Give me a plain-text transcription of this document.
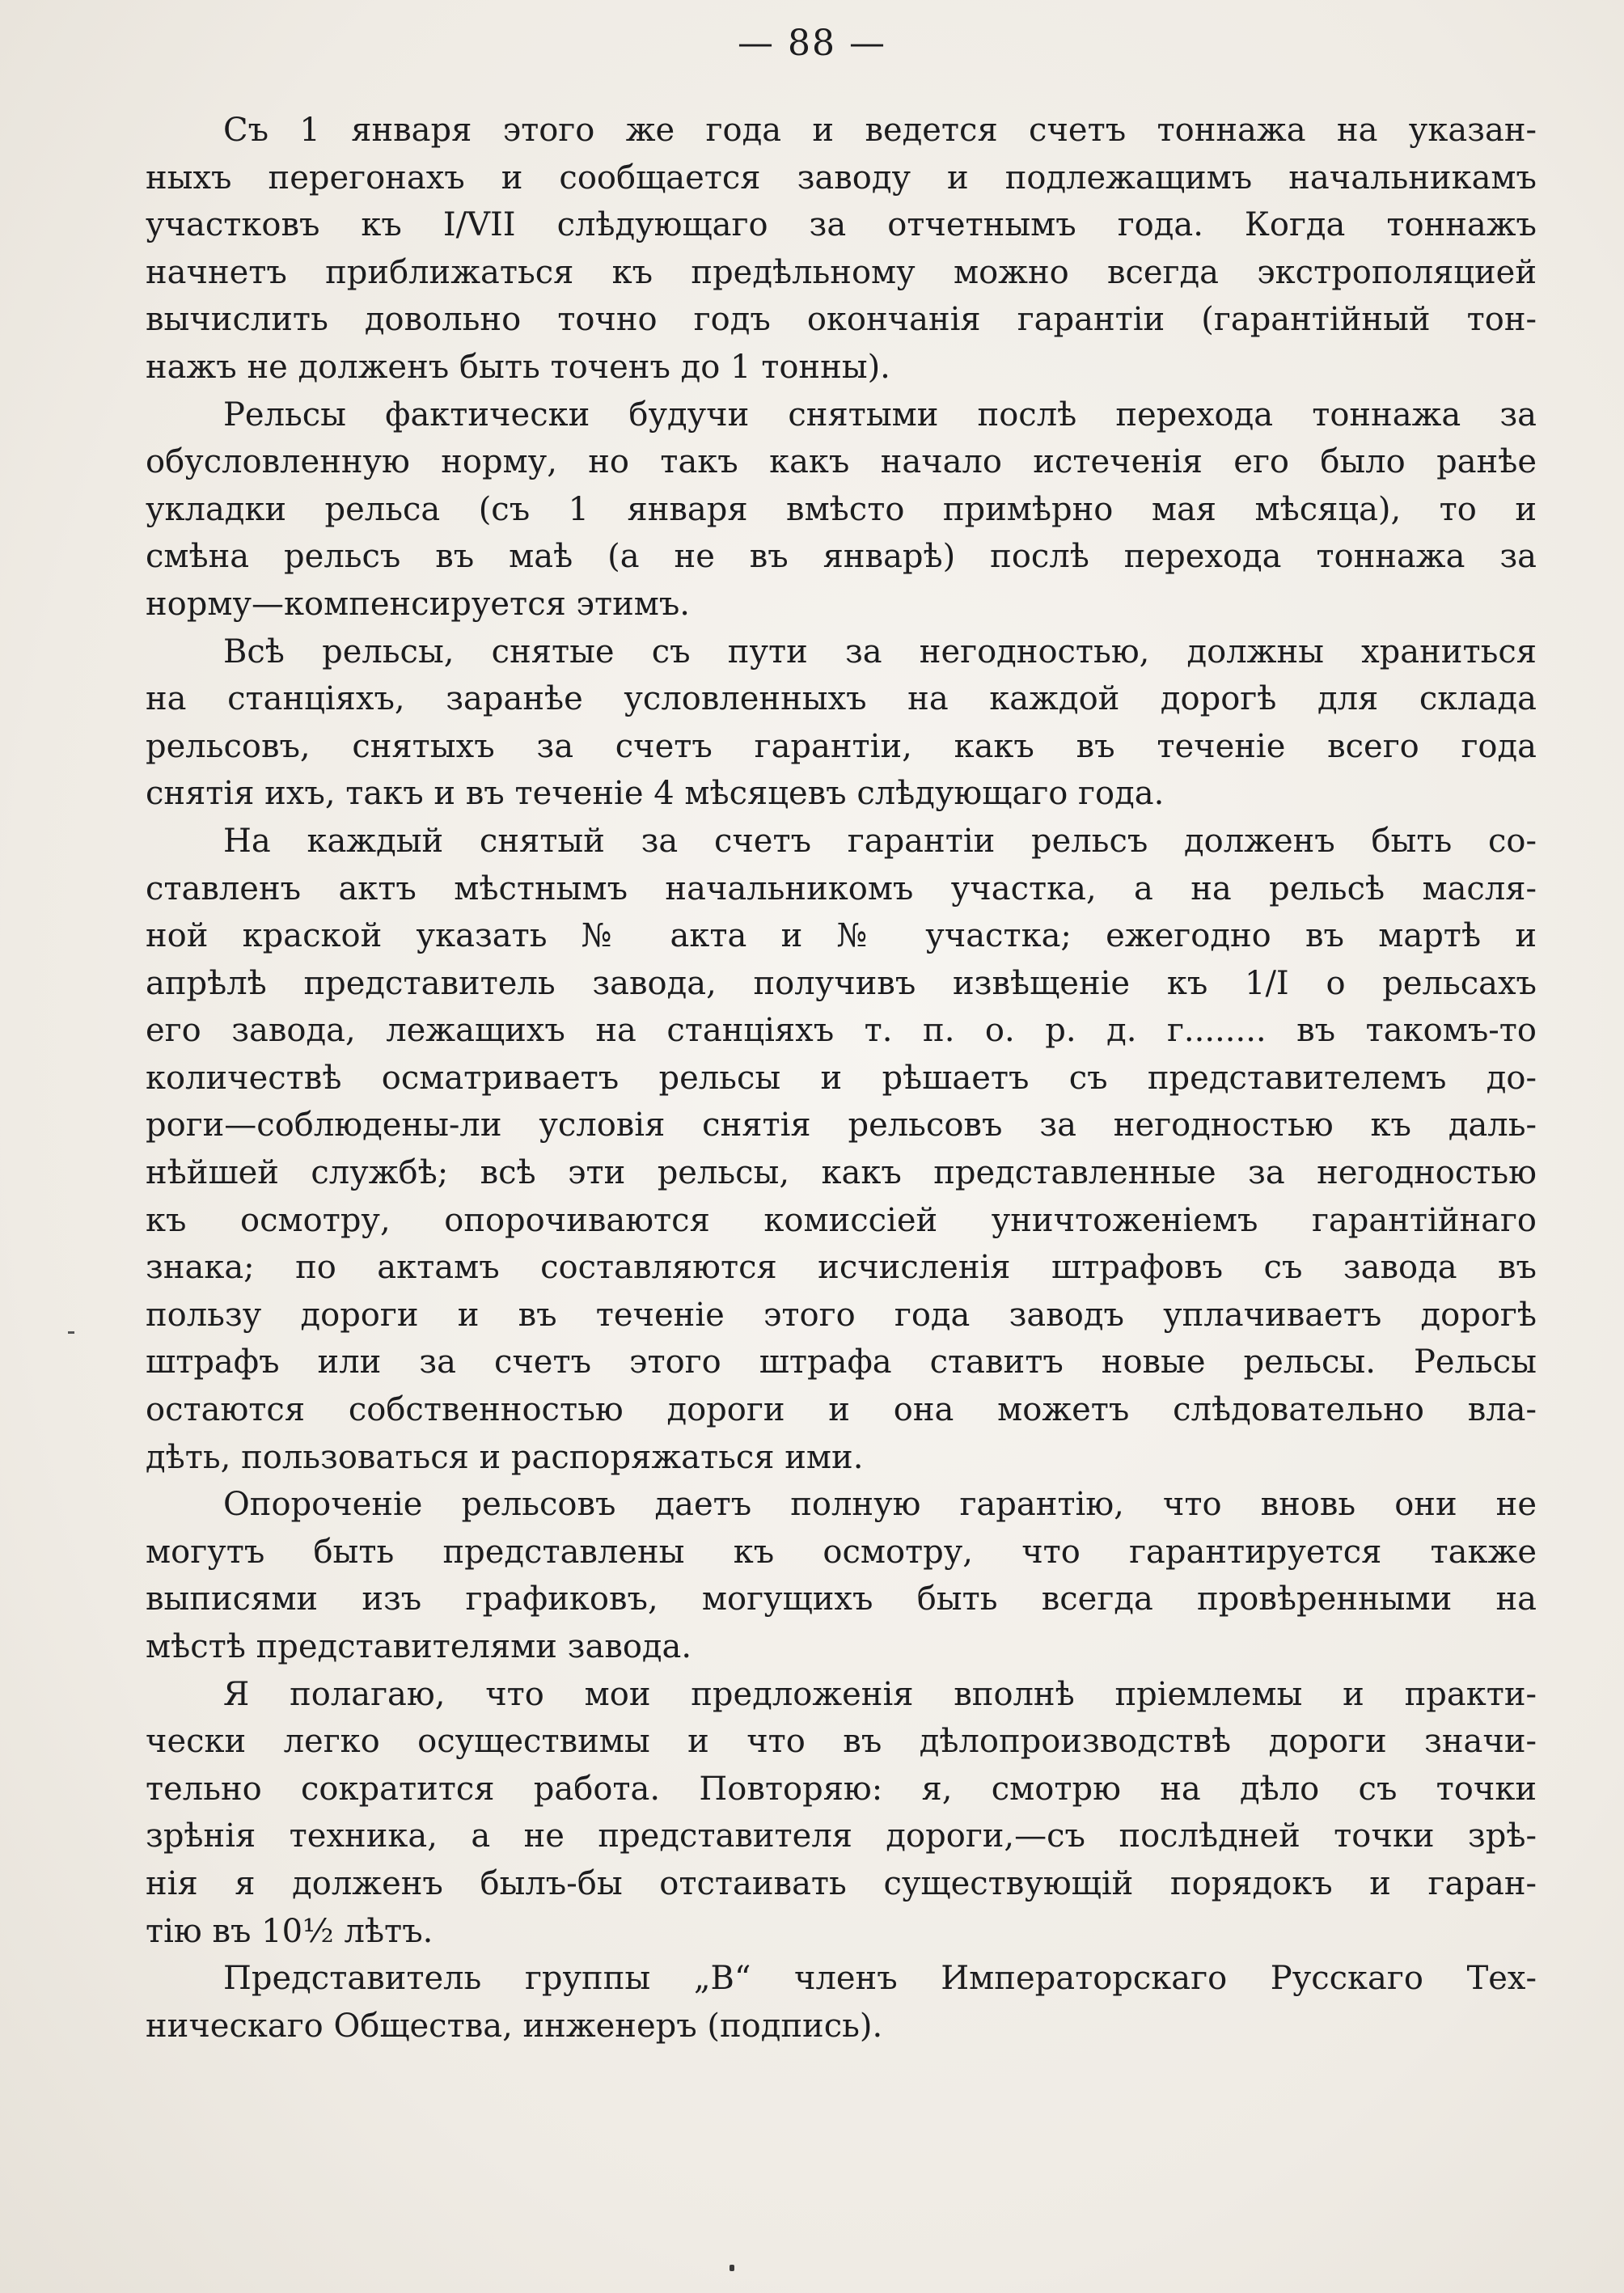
— 88 —

Съ 1 января этого же года и ведется счетъ тоннажа на указан-
ныхъ перегонахъ и сообщается заводу и подлежащимъ начальникамъ
участковъ къ I/VII слѣдующаго за отчетнымъ года. Когда тоннажъ
начнетъ приближаться къ предѣльному можно всегда экстрополяцией
вычислить довольно точно годъ окончанія гарантіи (гарантійный тон-
нажъ не долженъ быть точенъ до 1 тонны).

Рельсы фактически будучи снятыми послѣ перехода тоннажа за
обусловленную норму, но такъ какъ начало истеченія его было ранѣе
укладки рельса (съ 1 января вмѣсто примѣрно мая мѣсяца), то и
смѣна рельсъ въ маѣ (а не въ январѣ) послѣ перехода тоннажа за
норму—компенсируется этимъ.

Всѣ рельсы, снятые съ пути за негодностью, должны храниться
на станціяхъ, заранѣе условленныхъ на каждой дорогѣ для склада
рельсовъ, снятыхъ за счетъ гарантіи, какъ въ теченіе всего года
снятія ихъ, такъ и въ теченіе 4 мѣсяцевъ слѣдующаго года.

На каждый снятый за счетъ гарантіи рельсъ долженъ быть со-
ставленъ актъ мѣстнымъ начальникомъ участка, а на рельсѣ масля-
ной краской указать № акта и № участка; ежегодно въ мартѣ и
апрѣлѣ представитель завода, получивъ извѣщеніе къ 1/I о рельсахъ
его завода, лежащихъ на станціяхъ т. п. о. р. д. г........ въ такомъ-то
количествѣ осматриваетъ рельсы и рѣшаетъ съ представителемъ до-
роги—соблюдены-ли условія снятія рельсовъ за негодностью къ даль-
нѣйшей службѣ; всѣ эти рельсы, какъ представленные за негодностью
къ осмотру, опорочиваются комиссіей уничтоженіемъ гарантійнаго
знака; по актамъ составляются исчисленія штрафовъ съ завода въ
пользу дороги и въ теченіе этого года заводъ уплачиваетъ дорогѣ
штрафъ или за счетъ этого штрафа ставитъ новые рельсы. Рельсы
остаются собственностью дороги и она можетъ слѣдовательно вла-
дѣть, пользоваться и распоряжаться ими.

Опороченіе рельсовъ даетъ полную гарантію, что вновь они не
могутъ быть представлены къ осмотру, что гарантируется также
выписями изъ графиковъ, могущихъ быть всегда провѣренными на
мѣстѣ представителями завода.

Я полагаю, что мои предложенія вполнѣ пріемлемы и практи-
чески легко осуществимы и что въ дѣлопроизводствѣ дороги значи-
тельно сократится работа. Повторяю: я, смотрю на дѣло съ точки
зрѣнія техника, а не представителя дороги,—съ послѣдней точки зрѣ-
нія я долженъ былъ-бы отстаивать существующій порядокъ и гаран-
тію въ 10½ лѣтъ.

Представитель группы „В“ членъ Императорскаго Русскаго Тех-
ническаго Общества, инженеръ (подпись).
